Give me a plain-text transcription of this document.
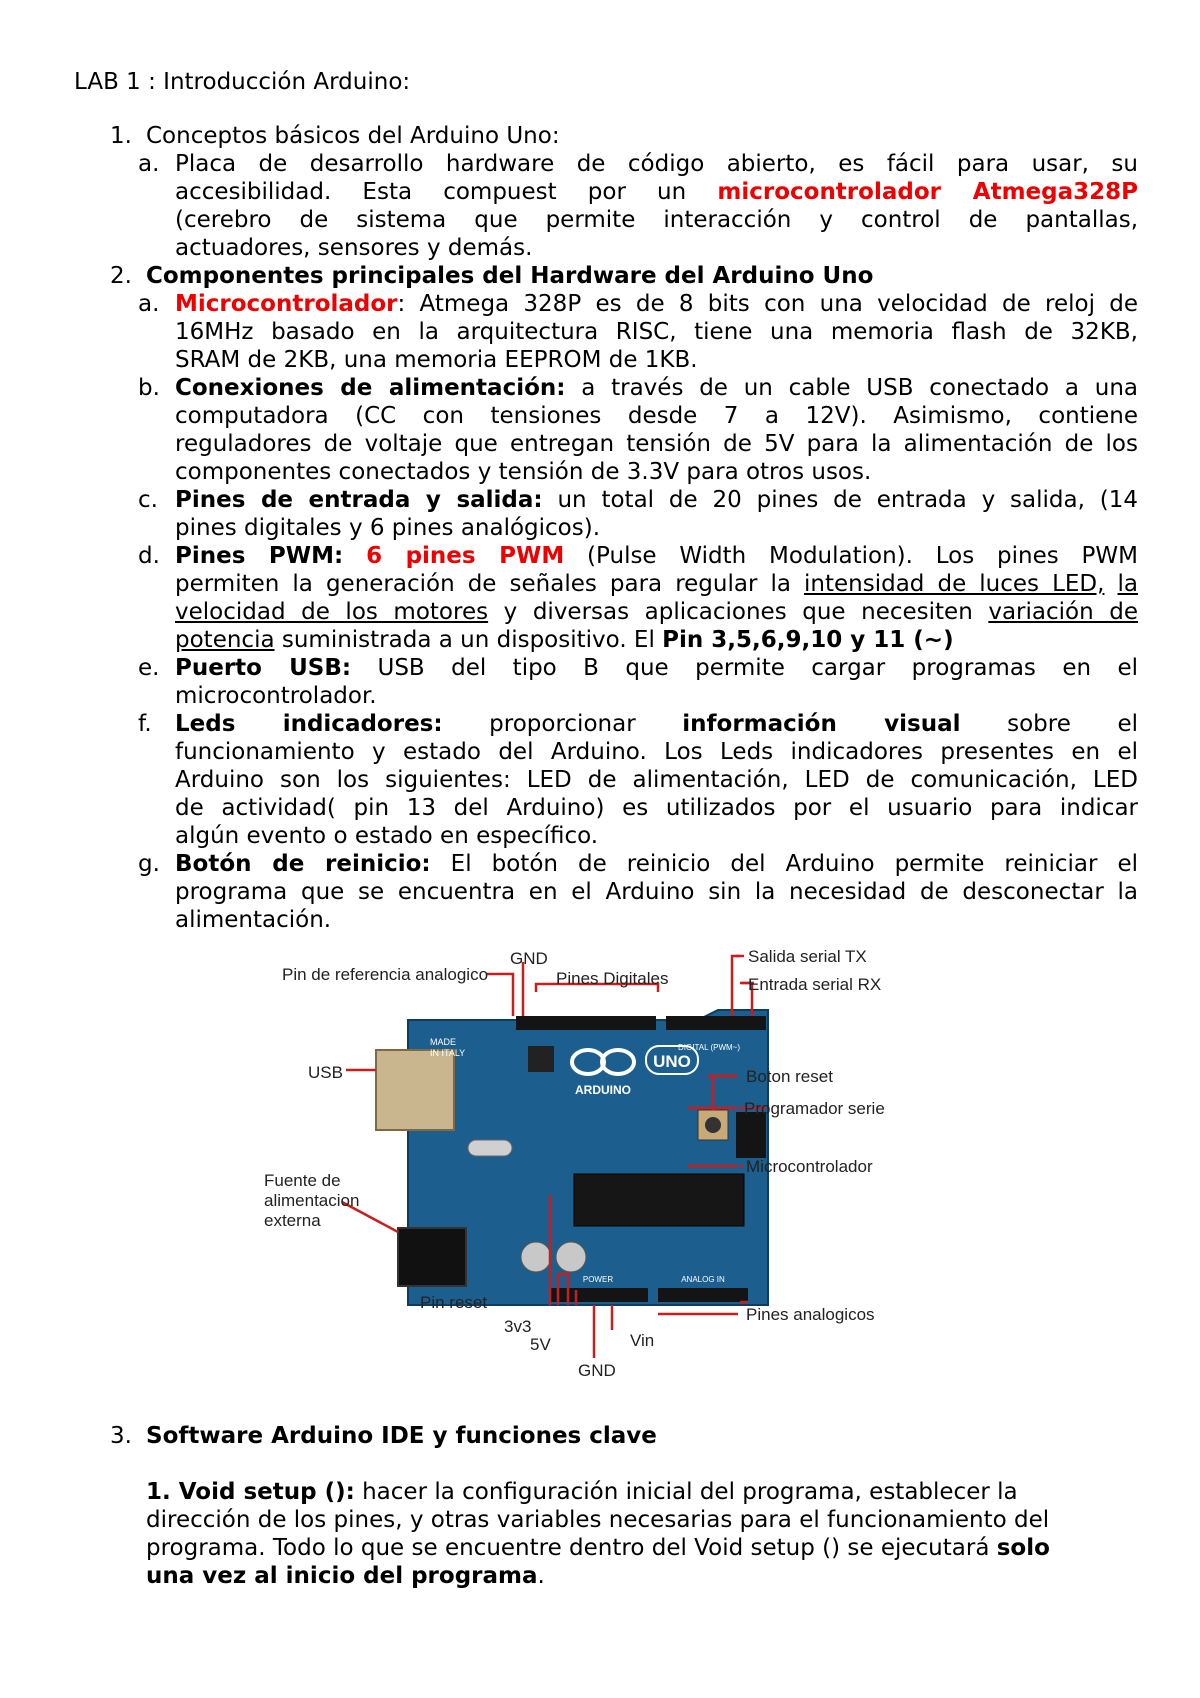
LAB 1 : Introducción Arduino:
1. Conceptos básicos del Arduino Uno:
a. Placa de desarrollo hardware de código abierto, es fácil para usar, su
accesibilidad. Esta compuest por un microcontrolador Atmega328P
(cerebro de sistema que permite interacción y control de pantallas,
actuadores, sensores y demás.
2. Componentes principales del Hardware del Arduino Uno
a. Microcontrolador: Atmega 328P es de 8 bits con una velocidad de reloj de
16MHz basado en la arquitectura RISC, tiene una memoria flash de 32KB,
SRAM de 2KB, una memoria EEPROM de 1KB.
b. Conexiones de alimentación: a través de un cable USB conectado a una
computadora (CC con tensiones desde 7 a 12V). Asimismo, contiene
reguladores de voltaje que entregan tensión de 5V para la alimentación de los
componentes conectados y tensión de 3.3V para otros usos.
c. Pines de entrada y salida: un total de 20 pines de entrada y salida, (14
pines digitales y 6 pines analógicos).
d. Pines PWM: 6 pines PWM (Pulse Width Modulation). Los pines PWM
permiten la generación de señales para regular la intensidad de luces LED, la
velocidad de los motores y diversas aplicaciones que necesiten variación de
potencia suministrada a un dispositivo. El Pin 3,5,6,9,10 y 11 (~)
e. Puerto USB: USB del tipo B que permite cargar programas en el
microcontrolador.
f. Leds indicadores: proporcionar información visual sobre el
funcionamiento y estado del Arduino. Los Leds indicadores presentes en el
Arduino son los siguientes: LED de alimentación, LED de comunicación, LED
de actividad( pin 13 del Arduino) es utilizados por el usuario para indicar
algún evento o estado en específico.
g. Botón de reinicio: El botón de reinicio del Arduino permite reiniciar el
programa que se encuentra en el Arduino sin la necesidad de desconectar la
alimentación.
UNO
ARDUINO
MADE
IN ITALY
DIGITAL (PWM~)
POWER	ANALOG IN
GND
Pines Digitales
Salida serial TX
Entrada serial RX
Pin de referencia analogico
USB	Boton reset
Programador serie
Microcontrolador
Fuente de
alimentacion
externa
Pin reset
3v3
5V
GND
Vin
Pines analogicos
3. Software Arduino IDE y funciones clave
1. Void setup (): hacer la configuración inicial del programa, establecer la
dirección de los pines, y otras variables necesarias para el funcionamiento del
programa. Todo lo que se encuentre dentro del Void setup () se ejecutará solo
una vez al inicio del programa.
